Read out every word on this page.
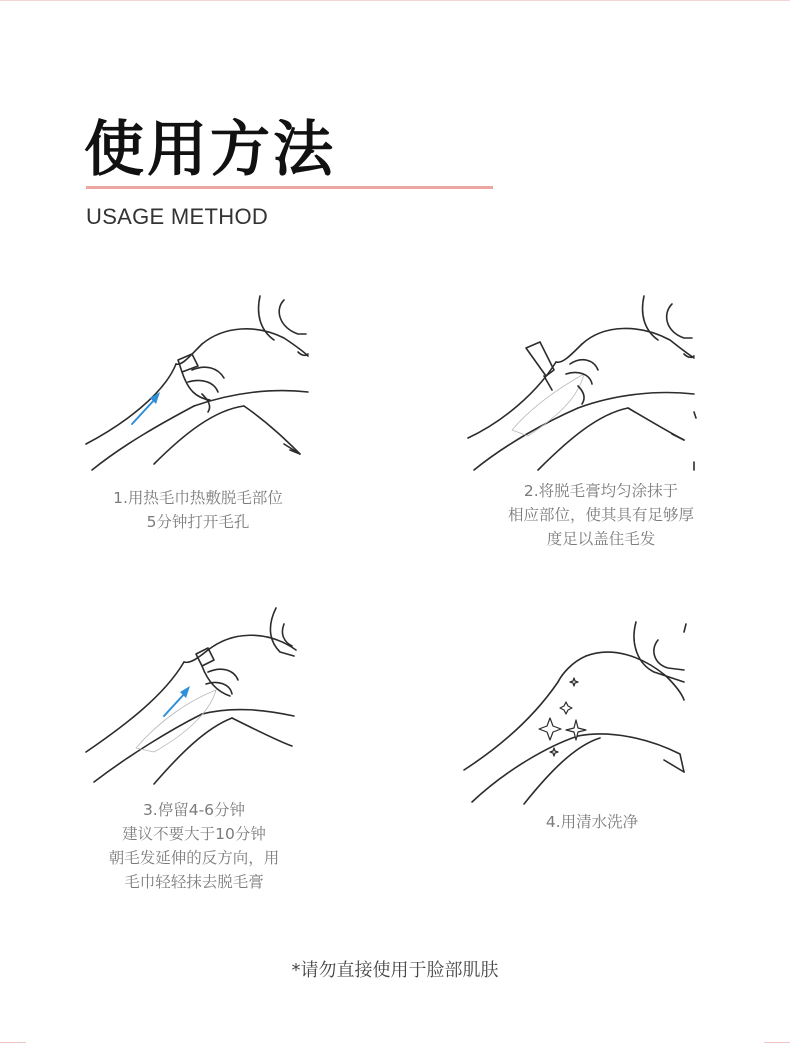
使用方法
USAGE METHOD
1.用热毛巾热敷脱毛部位
5分钟打开毛孔
2.将脱毛膏均匀涂抹于
相应部位，使其具有足够厚
度足以盖住毛发
3.停留4-6分钟
建议不要大于10分钟
朝毛发延伸的反方向，用
毛巾轻轻抹去脱毛膏
4.用清水洗净
*请勿直接使用于脸部肌肤
